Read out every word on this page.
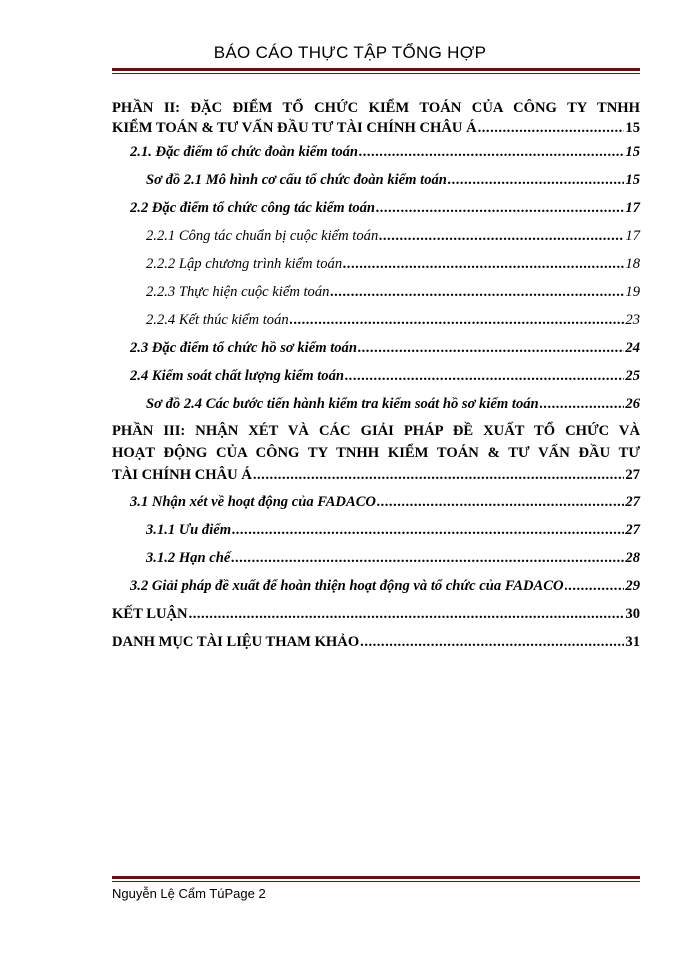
BÁO CÁO THỰC TẬP TỔNG HỢP
PHẦN II: ĐẶC ĐIỂM TỔ CHỨC KIỂM TOÁN CỦA CÔNG TY TNHH
KIỂM TOÁN & TƯ VẤN ĐẦU TƯ TÀI CHÍNH CHÂU Á .....	15
2.1. Đặc điểm tổ chức đoàn kiểm toán .....	15
Sơ đồ 2.1 Mô hình cơ cấu tổ chức đoàn kiểm toán .....	15
2.2 Đặc điểm tổ chức công tác kiểm toán .....	17
2.2.1 Công tác chuẩn bị cuộc kiểm toán .....	17
2.2.2 Lập chương trình kiểm toán .....	18
2.2.3 Thực hiện cuộc kiểm toán .....	19
2.2.4 Kết thúc kiểm toán .....	23
2.3 Đặc điểm tổ chức hồ sơ kiểm toán .....	24
2.4 Kiểm soát chất lượng kiểm toán .....	25
Sơ đồ 2.4 Các bước tiến hành kiểm tra kiểm soát hồ sơ kiểm toán .....	26
PHẦN III: NHẬN XÉT VÀ CÁC GIẢI PHÁP ĐỀ XUẤT TỔ CHỨC VÀ
HOẠT ĐỘNG CỦA CÔNG TY TNHH KIỂM TOÁN & TƯ VẤN ĐẦU TƯ
TÀI CHÍNH CHÂU Á .....	27
3.1 Nhận xét về hoạt động của FADACO .....	27
3.1.1 Ưu điểm .....	27
3.1.2 Hạn chế .....	28
3.2 Giải pháp đề xuất để hoàn thiện hoạt động và tổ chức của FADACO .....	29
KẾT LUẬN .....	30
DANH MỤC TÀI LIỆU THAM KHẢO .....	31
Nguyễn Lệ Cẩm TúPage 2
